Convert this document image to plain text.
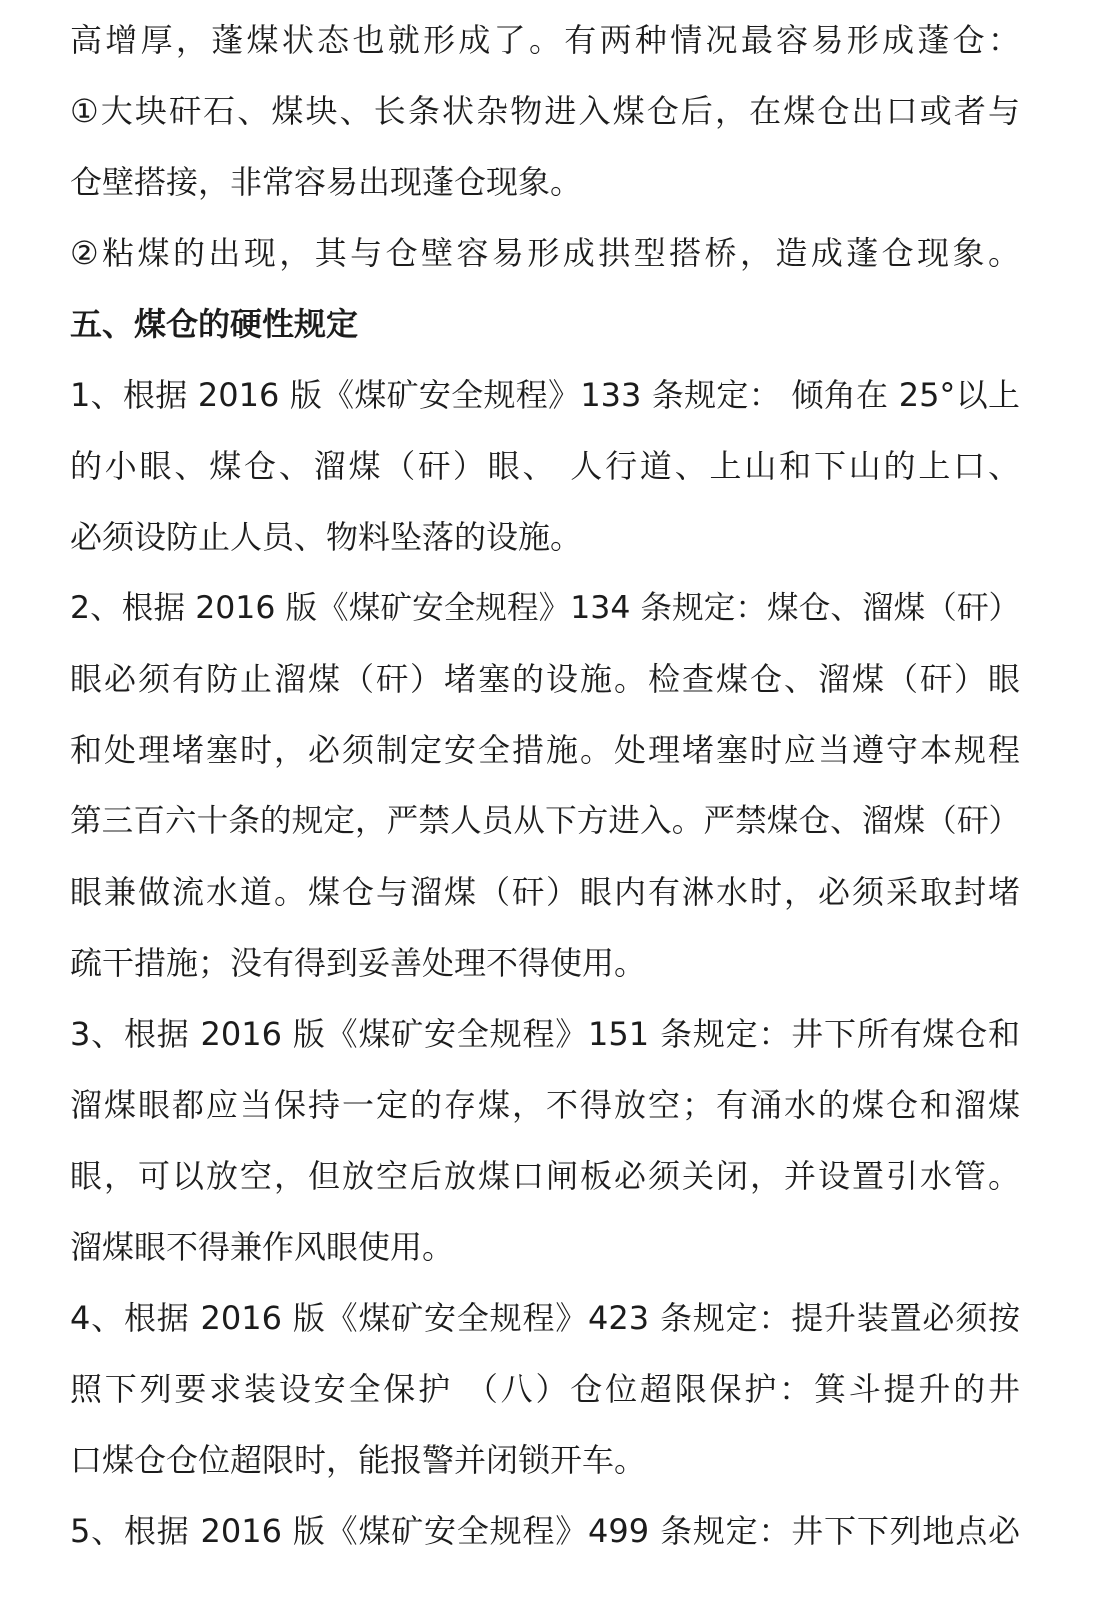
高增厚，蓬煤状态也就形成了。有两种情况最容易形成蓬仓：
①大块矸石、煤块、长条状杂物进入煤仓后，在煤仓出口或者与
仓壁搭接，非常容易出现蓬仓现象。
②粘煤的出现，其与仓壁容易形成拱型搭桥，造成蓬仓现象。
五、煤仓的硬性规定
1、根据 2016 版《煤矿安全规程》133 条规定： 倾角在 25°以上
的小眼、煤仓、溜煤（矸）眼、 人行道、上山和下山的上口、
必须设防止人员、物料坠落的设施。
2、根据 2016 版《煤矿安全规程》134 条规定：煤仓、溜煤（矸）
眼必须有防止溜煤（矸）堵塞的设施。检查煤仓、溜煤（矸）眼
和处理堵塞时，必须制定安全措施。处理堵塞时应当遵守本规程
第三百六十条的规定，严禁人员从下方进入。严禁煤仓、溜煤（矸）
眼兼做流水道。煤仓与溜煤（矸）眼内有淋水时，必须采取封堵
疏干措施；没有得到妥善处理不得使用。
3、根据 2016 版《煤矿安全规程》151 条规定：井下所有煤仓和
溜煤眼都应当保持一定的存煤，不得放空；有涌水的煤仓和溜煤
眼，可以放空，但放空后放煤口闸板必须关闭，并设置引水管。
溜煤眼不得兼作风眼使用。
4、根据 2016 版《煤矿安全规程》423 条规定：提升装置必须按
照下列要求装设安全保护 （八）仓位超限保护：箕斗提升的井
口煤仓仓位超限时，能报警并闭锁开车。
5、根据 2016 版《煤矿安全规程》499 条规定：井下下列地点必
